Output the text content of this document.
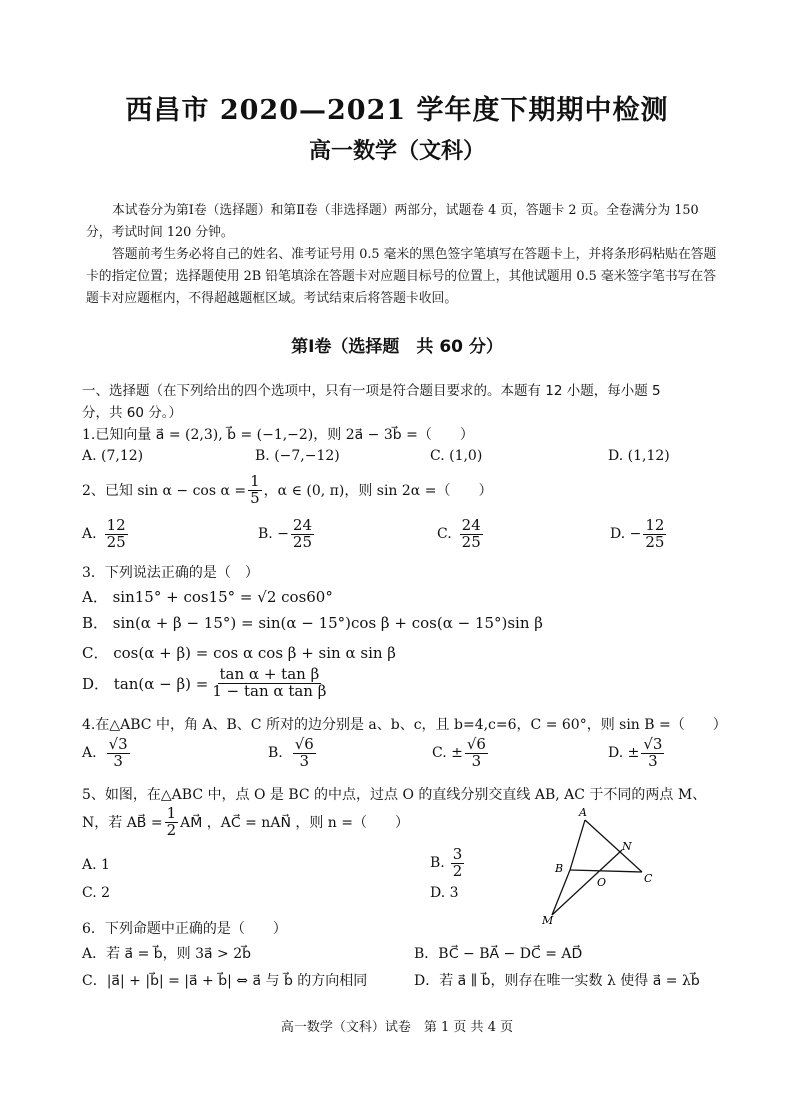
西昌市 2020—2021 学年度下期期中检测
高一数学（文科）
本试卷分为第Ⅰ卷（选择题）和第Ⅱ卷（非选择题）两部分，试题卷 4 页，答题卡 2 页。全卷满分为 150 分，考试时间 120 分钟。
答题前考生务必将自己的姓名、准考证号用 0.5 毫米的黑色签字笔填写在答题卡上，并将条形码粘贴在答题卡的指定位置；选择题使用 2B 铅笔填涂在答题卡对应题目标号的位置上，其他试题用 0.5 毫米签字笔书写在答题卡对应题框内，不得超越题框区域。考试结束后将答题卡收回。
第Ⅰ卷（选择题　共 60 分）
一、选择题（在下列给出的四个选项中，只有一项是符合题目要求的。本题有 12 小题，每小题 5
分，共 60 分。）
1.已知向量 a⃗ = (2,3), b⃗ = (−1,−2)，则 2a⃗ − 3b⃗ =（　　）
A. (7,12)	B. (−7,−12)	C. (1,0)	D. (1,12)
2、已知 $\sin \alpha - \cos \alpha = \frac{1}{5}$ ，α ∈ (0, π)，则 sin 2α =（　　）
A. $\frac{12}{25}$	B. − $\frac{24}{25}$	C. $\frac{24}{25}$	D. − $\frac{12}{25}$
3．下列说法正确的是（　）
A． sin15° + cos15° = √2 cos60°
B． sin(α + β − 15°) = sin(α − 15°)cos β + cos(α − 15°)sin β
C． cos(α + β) = cos α cos β + sin α sin β
D． $\tan(\alpha - \beta) = \frac{\text{tan α + tan β}}{\text{1 − tan α tan β}}$
4.在△ABC 中，角 A、B、C 所对的边分别是 a、b、c，且 b=4,c=6，C = 60°，则 sin B =（　　）
A. $\frac{√3}{3}$	B. $\frac{√6}{3}$	C. ± $\frac{√6}{3}$	D. ± $\frac{√3}{3}$
5、如图，在△ABC 中，点 O 是 BC 的中点，过点 O 的直线分别交直线 AB, AC 于不同的两点 M、
N，若 AB⃗ = $\frac{1}{2}$ AM⃗ ，AC⃗ = nAN⃗ ，则 n =（　　）
A. 1	B. $\frac{3}{2}$
C. 2	D. 3
A
N
B
O	C
M
6．下列命题中正确的是（　　）
A．若 a⃗ = b⃗，则 3a⃗ > 2b⃗	B．BC⃗ − BA⃗ − DC⃗ = AD⃗
C．|a⃗| + |b⃗| = |a⃗ + b⃗| ⇔ a⃗ 与 b⃗ 的方向相同	D．若 a⃗ ∥ b⃗，则存在唯一实数 λ 使得 a⃗ = λb⃗
高一数学（文科）试卷　第 1 页 共 4 页
